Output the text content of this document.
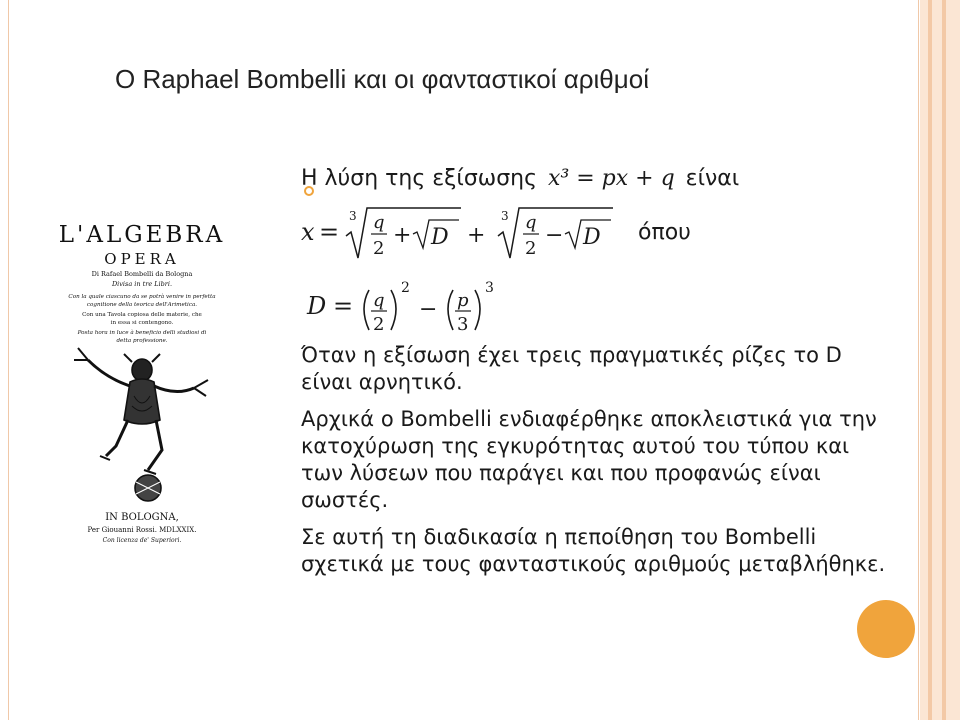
Ο Raphael Bombelli και οι φανταστικοί αριθμοί
L'ALGEBRA
OPERA
Di Rafael Bombelli da Bologna
Divisa in tre Libri.
Con la quale ciascuno da se potrà venire in perfetta
cognitione della teorica dell'Arimetica.
Con una Tavola copiosa delle materie, che
in essa si contengono.
Posta hora in luce à beneficio delli studiosi di
detta professione.
IN BOLOGNA,
Per Giouanni Rossi. MDLXXIX.
Con licenza de' Superiori.
Η λύση της εξίσωσης x³ = px + q είναι
x =
3 q
2
+ D +
3 q
2
− D όπου
D = q
2
2
− p
3
3

Όταν η εξίσωση έχει τρεις πραγματικές ρίζες το D είναι αρνητικό.

Αρχικά ο Bombelli ενδιαφέρθηκε αποκλειστικά για την κατοχύρωση της εγκυρότητας αυτού του τύπου και των λύσεων που παράγει και που προφανώς είναι σωστές.

Σε αυτή τη διαδικασία η πεποίθηση του Bombelli σχετικά με τους φανταστικούς αριθμούς μεταβλήθηκε.
